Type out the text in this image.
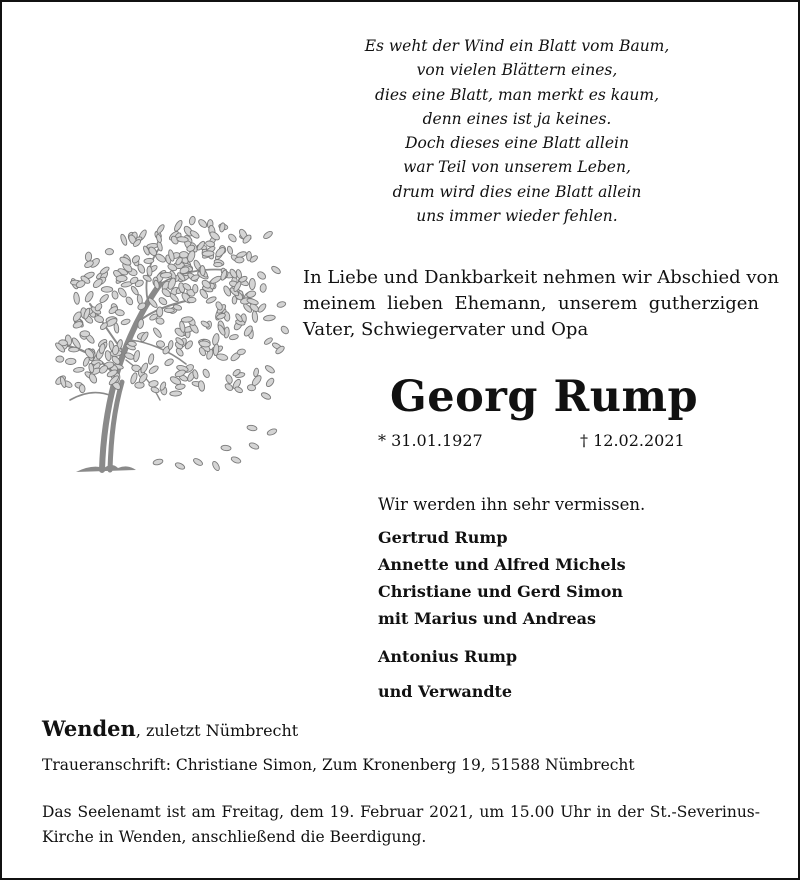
Es weht der Wind ein Blatt vom Baum,
von vielen Blättern eines,
dies eine Blatt, man merkt es kaum,
denn eines ist ja keines.
Doch dieses eine Blatt allein
war Teil von unserem Leben,
drum wird dies eine Blatt allein
uns immer wieder fehlen.
In Liebe und Dankbarkeit nehmen wir Abschied von
meinem lieben Ehemann, unserem gutherzigen
Vater, Schwiegervater und Opa
Georg Rump
* 31.01.1927	† 12.02.2021
Wir werden ihn sehr vermissen.
Gertrud Rump
Annette und Alfred Michels
Christiane und Gerd Simon
mit Marius und Andreas
Antonius Rump
und Verwandte
Wenden, zuletzt Nümbrecht
Traueranschrift: Christiane Simon, Zum Kronenberg 19, 51588 Nümbrecht
Das Seelenamt ist am Freitag, dem 19. Februar 2021, um 15.00 Uhr in der St.-Severinus-
Kirche in Wenden, anschließend die Beerdigung.
